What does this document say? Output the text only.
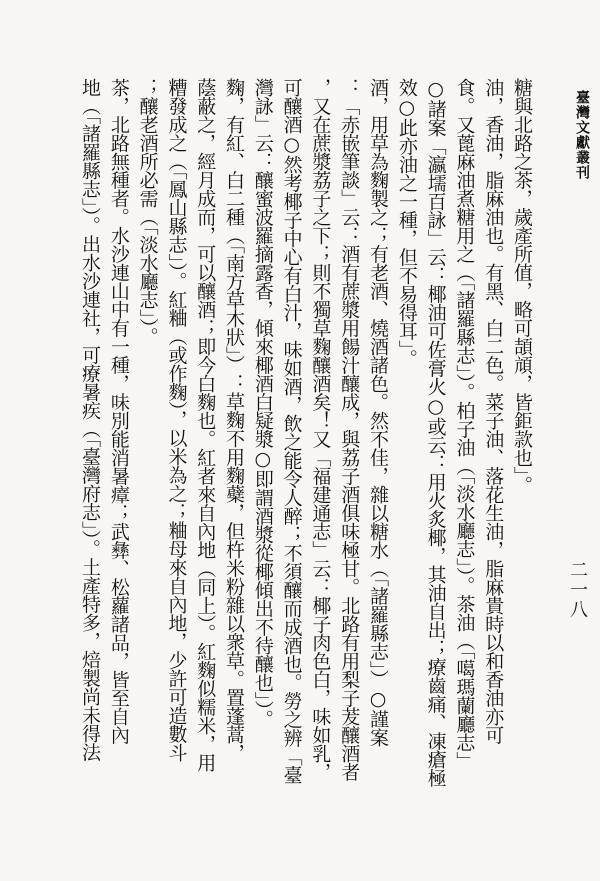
臺灣文獻叢刊
二一八
糖與北路之茶，歲產所值，略可頡頏，皆鉅款也」。
油，香油，脂麻油也。有黑、白二色。菜子油、落花生油，脂麻貴時以和香油亦可
食。又蓖麻油煮糖用之（「諸羅縣志」）。柏子油（「淡水廳志」）。茶油（「噶瑪蘭廳志」
○諸案「瀛壖百詠」云：椰油可佐膏火○或云：用火炙椰，其油自出；療齒痛、凍瘡極
效○此亦油之一種，但不易得耳」。
酒，用草為麴製之；有老酒、燒酒諸色。然不佳，雜以糖水（「諸羅縣志」）○謹案
：「赤嵌筆談」云：酒有蔗漿用餳汁釀成，與荔子酒俱味極甘。北路有用梨子茇釀酒者
，又在蔗漿荔子之下；則不獨草麴釀酒矣！又「福建通志」云：椰子肉色白，味如乳，
可釀酒○然考椰子中心有白汁，味如酒，飲之能令人醉；不須釀而成酒也。勞之辨「臺
灣詠」云：釀蜜波羅摘露香，傾來椰酒白疑漿○即謂酒漿從椰傾出不待釀也」）。
麴，有紅、白二種（「南方草木狀」）：草麴不用麴蘗，但杵米粉雜以衆草。置蓬蒿，
蔭蔽之，經月成而，可以釀酒；即今白麴也。紅者來自內地（同上）。紅麴似糯米，用
糟發成之（「鳳山縣志」）。紅粬（或作麴），以米為之；粬母來自內地，少許可造數斗
；釀老酒所必需（「淡水廳志」）。
茶，北路無種者。水沙連山中有一種，味別能消暑瘴；武彝、松蘿諸品，皆至自內
地（「諸羅縣志」）。出水沙連社，可療暑疾（「臺灣府志」）。土產特多，焙製尚未得法
